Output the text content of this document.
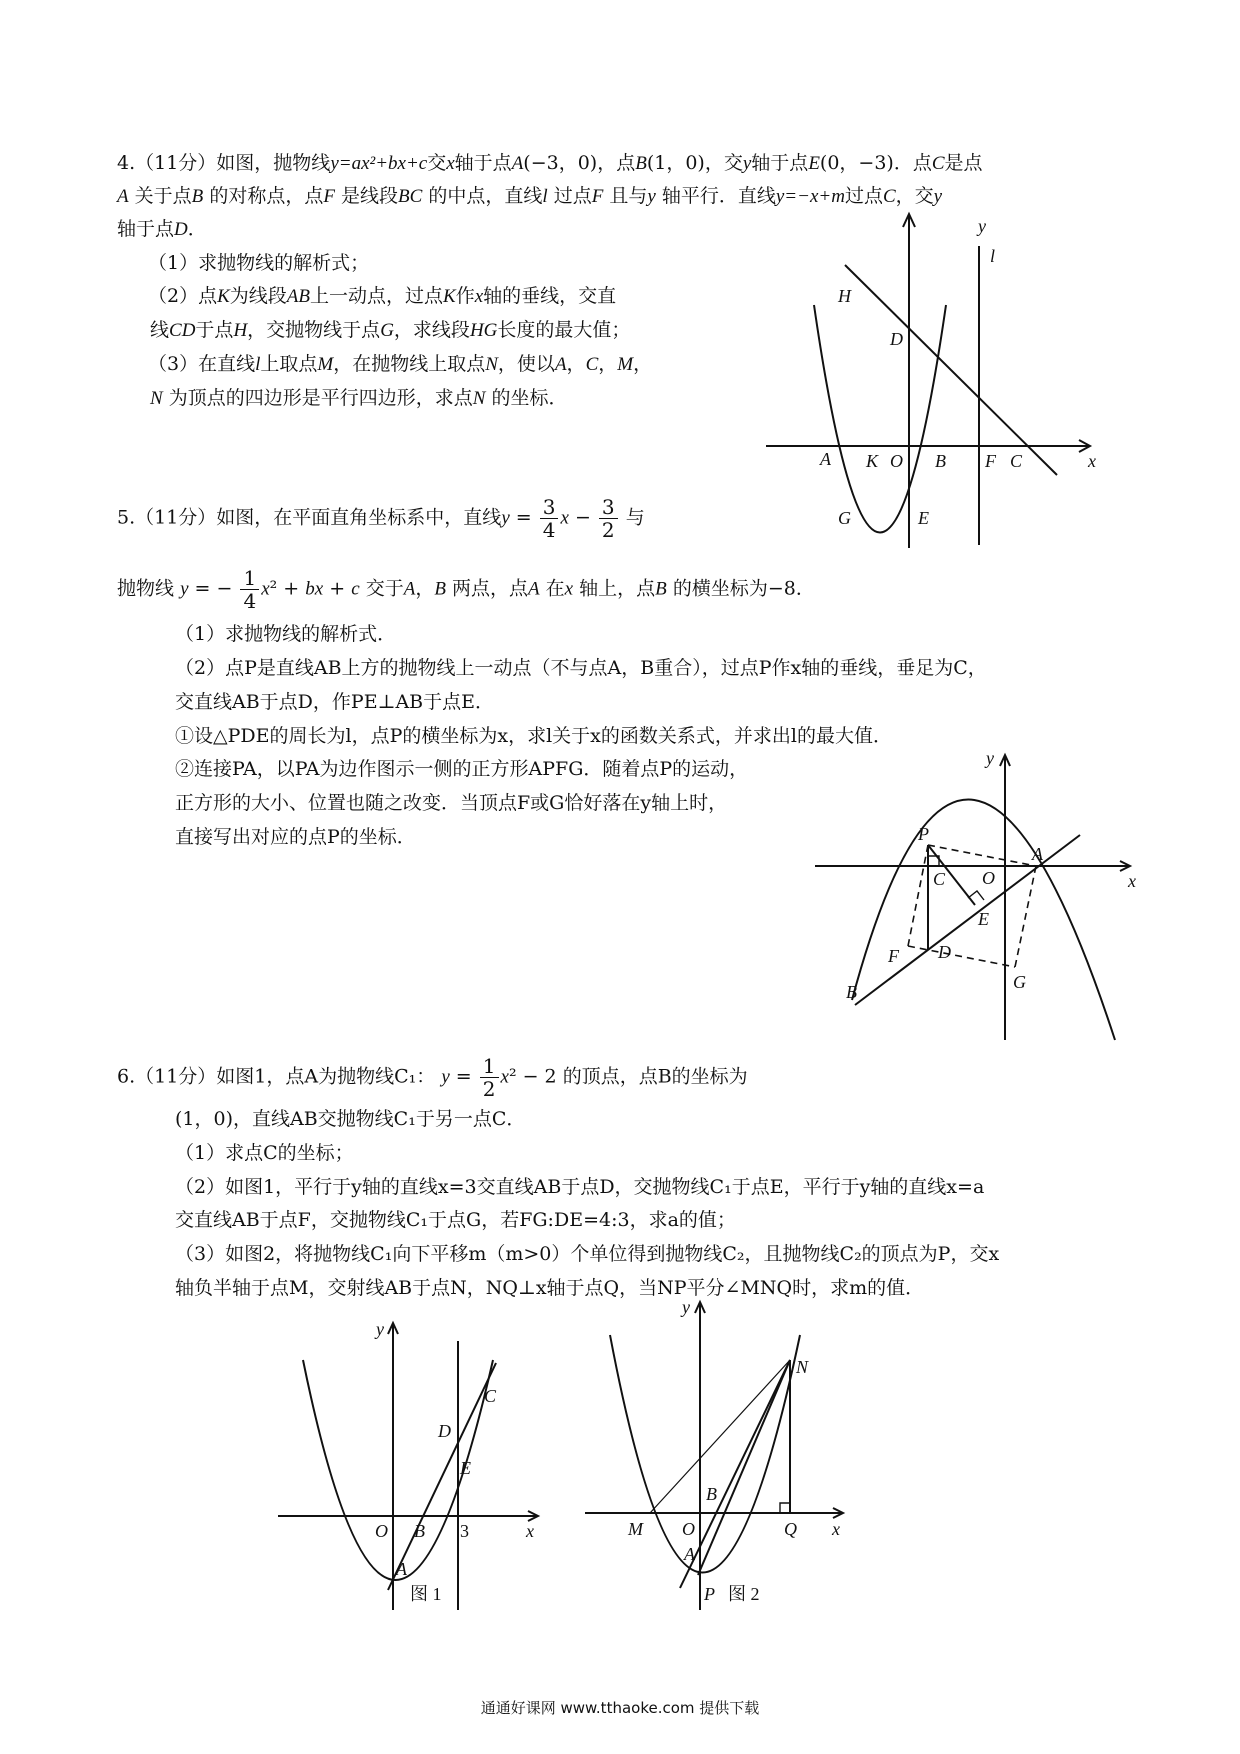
4.（11分）如图，抛物线y=ax²+bx+c交x轴于点A(−3，0)，点B(1，0)，交y轴于点E(0，−3)．点C是点
A 关于点B 的对称点，点F 是线段BC 的中点，直线l 过点F 且与y 轴平行．直线y=−x+m过点C，交y
轴于点D．
（1）求抛物线的解析式；
（2）点K为线段AB上一动点，过点K作x轴的垂线，交直
线CD于点H，交抛物线于点G，求线段HG长度的最大值；
（3）在直线l上取点M，在抛物线上取点N，使以A，C，M，
N 为顶点的四边形是平行四边形，求点N 的坐标．
y
l
x
H
D
A K O B F C
G	E
5.（11分）如图，在平面直角坐标系中，直线$y = \frac{3}{4}$ $x - \frac{3}{2}$ 与
抛物线 y = − $\frac{1}{4} x^2$ + bx + c 交于A，B 两点，点A 在x 轴上，点B 的横坐标为−8．
（1）求抛物线的解析式．
（2）点P是直线AB上方的抛物线上一动点（不与点A，B重合），过点P作x轴的垂线，垂足为C，
交直线AB于点D，作PE⊥AB于点E．
①设△PDE的周长为l，点P的横坐标为x，求l关于x的函数关系式，并求出l的最大值．
②连接PA，以PA为边作图示一侧的正方形APFG．随着点P的运动，
正方形的大小、位置也随之改变．当顶点F或G恰好落在y轴上时，
直接写出对应的点P的坐标．
y
x
P
C O
A
E
F D
G
B
6.（11分）如图1，点A为抛物线C₁： $y = \frac{1}{2} x^2 - 2$ 的顶点，点B的坐标为
(1，0)，直线AB交抛物线C₁于另一点C．
（1）求点C的坐标；
（2）如图1，平行于y轴的直线x=3交直线AB于点D，交抛物线C₁于点E，平行于y轴的直线x=a
交直线AB于点F，交抛物线C₁于点G，若FG:DE=4:3，求a的值；
（3）如图2，将抛物线C₁向下平移m（m>0）个单位得到抛物线C₂，且抛物线C₂的顶点为P，交x
轴负半轴于点M，交射线AB于点N，NQ⊥x轴于点Q，当NP平分∠MNQ时，求m的值．
y
x
C
D
E
O B 3
A
图 1
y
x
N
B
M O	Q
A
P 图 2
通通好课网 www.tthaoke.com 提供下载
